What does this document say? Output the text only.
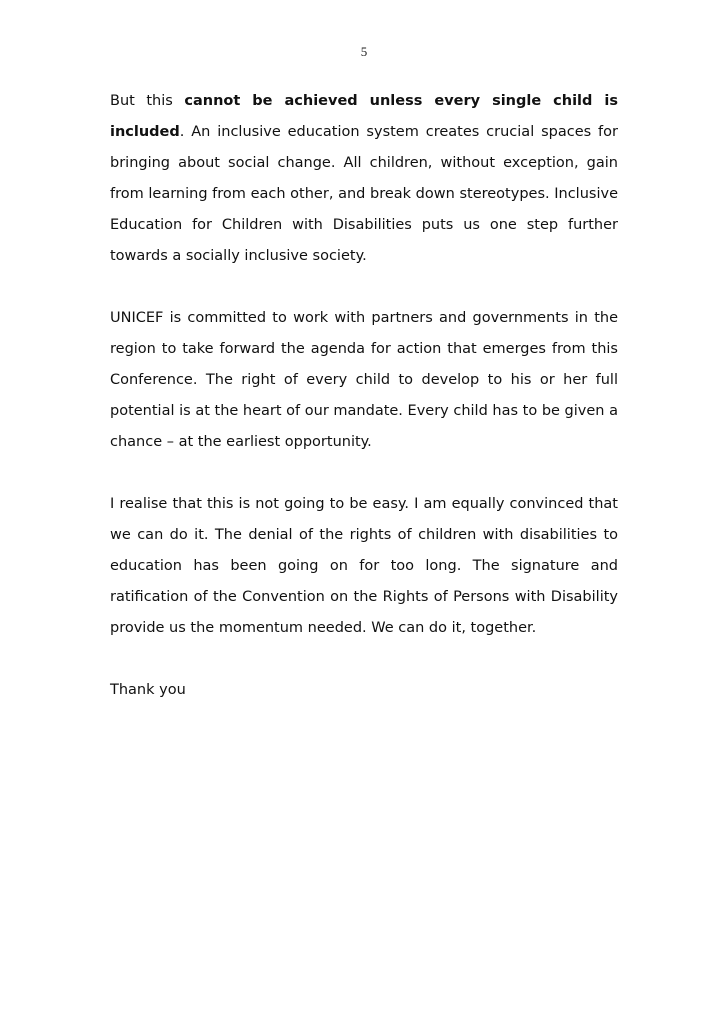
5

But this cannot be achieved unless every single child is included. An inclusive education system creates crucial spaces for bringing about social change. All children, without exception, gain from learning from each other, and break down stereotypes. Inclusive Education for Children with Disabilities puts us one step further towards a socially inclusive society.

UNICEF is committed to work with partners and governments in the region to take forward the agenda for action that emerges from this Conference. The right of every child to develop to his or her full potential is at the heart of our mandate. Every child has to be given a chance – at the earliest opportunity.

I realise that this is not going to be easy. I am equally convinced that we can do it. The denial of the rights of children with disabilities to education has been going on for too long. The signature and ratification of the Convention on the Rights of Persons with Disability provide us the momentum needed. We can do it, together.

Thank you
